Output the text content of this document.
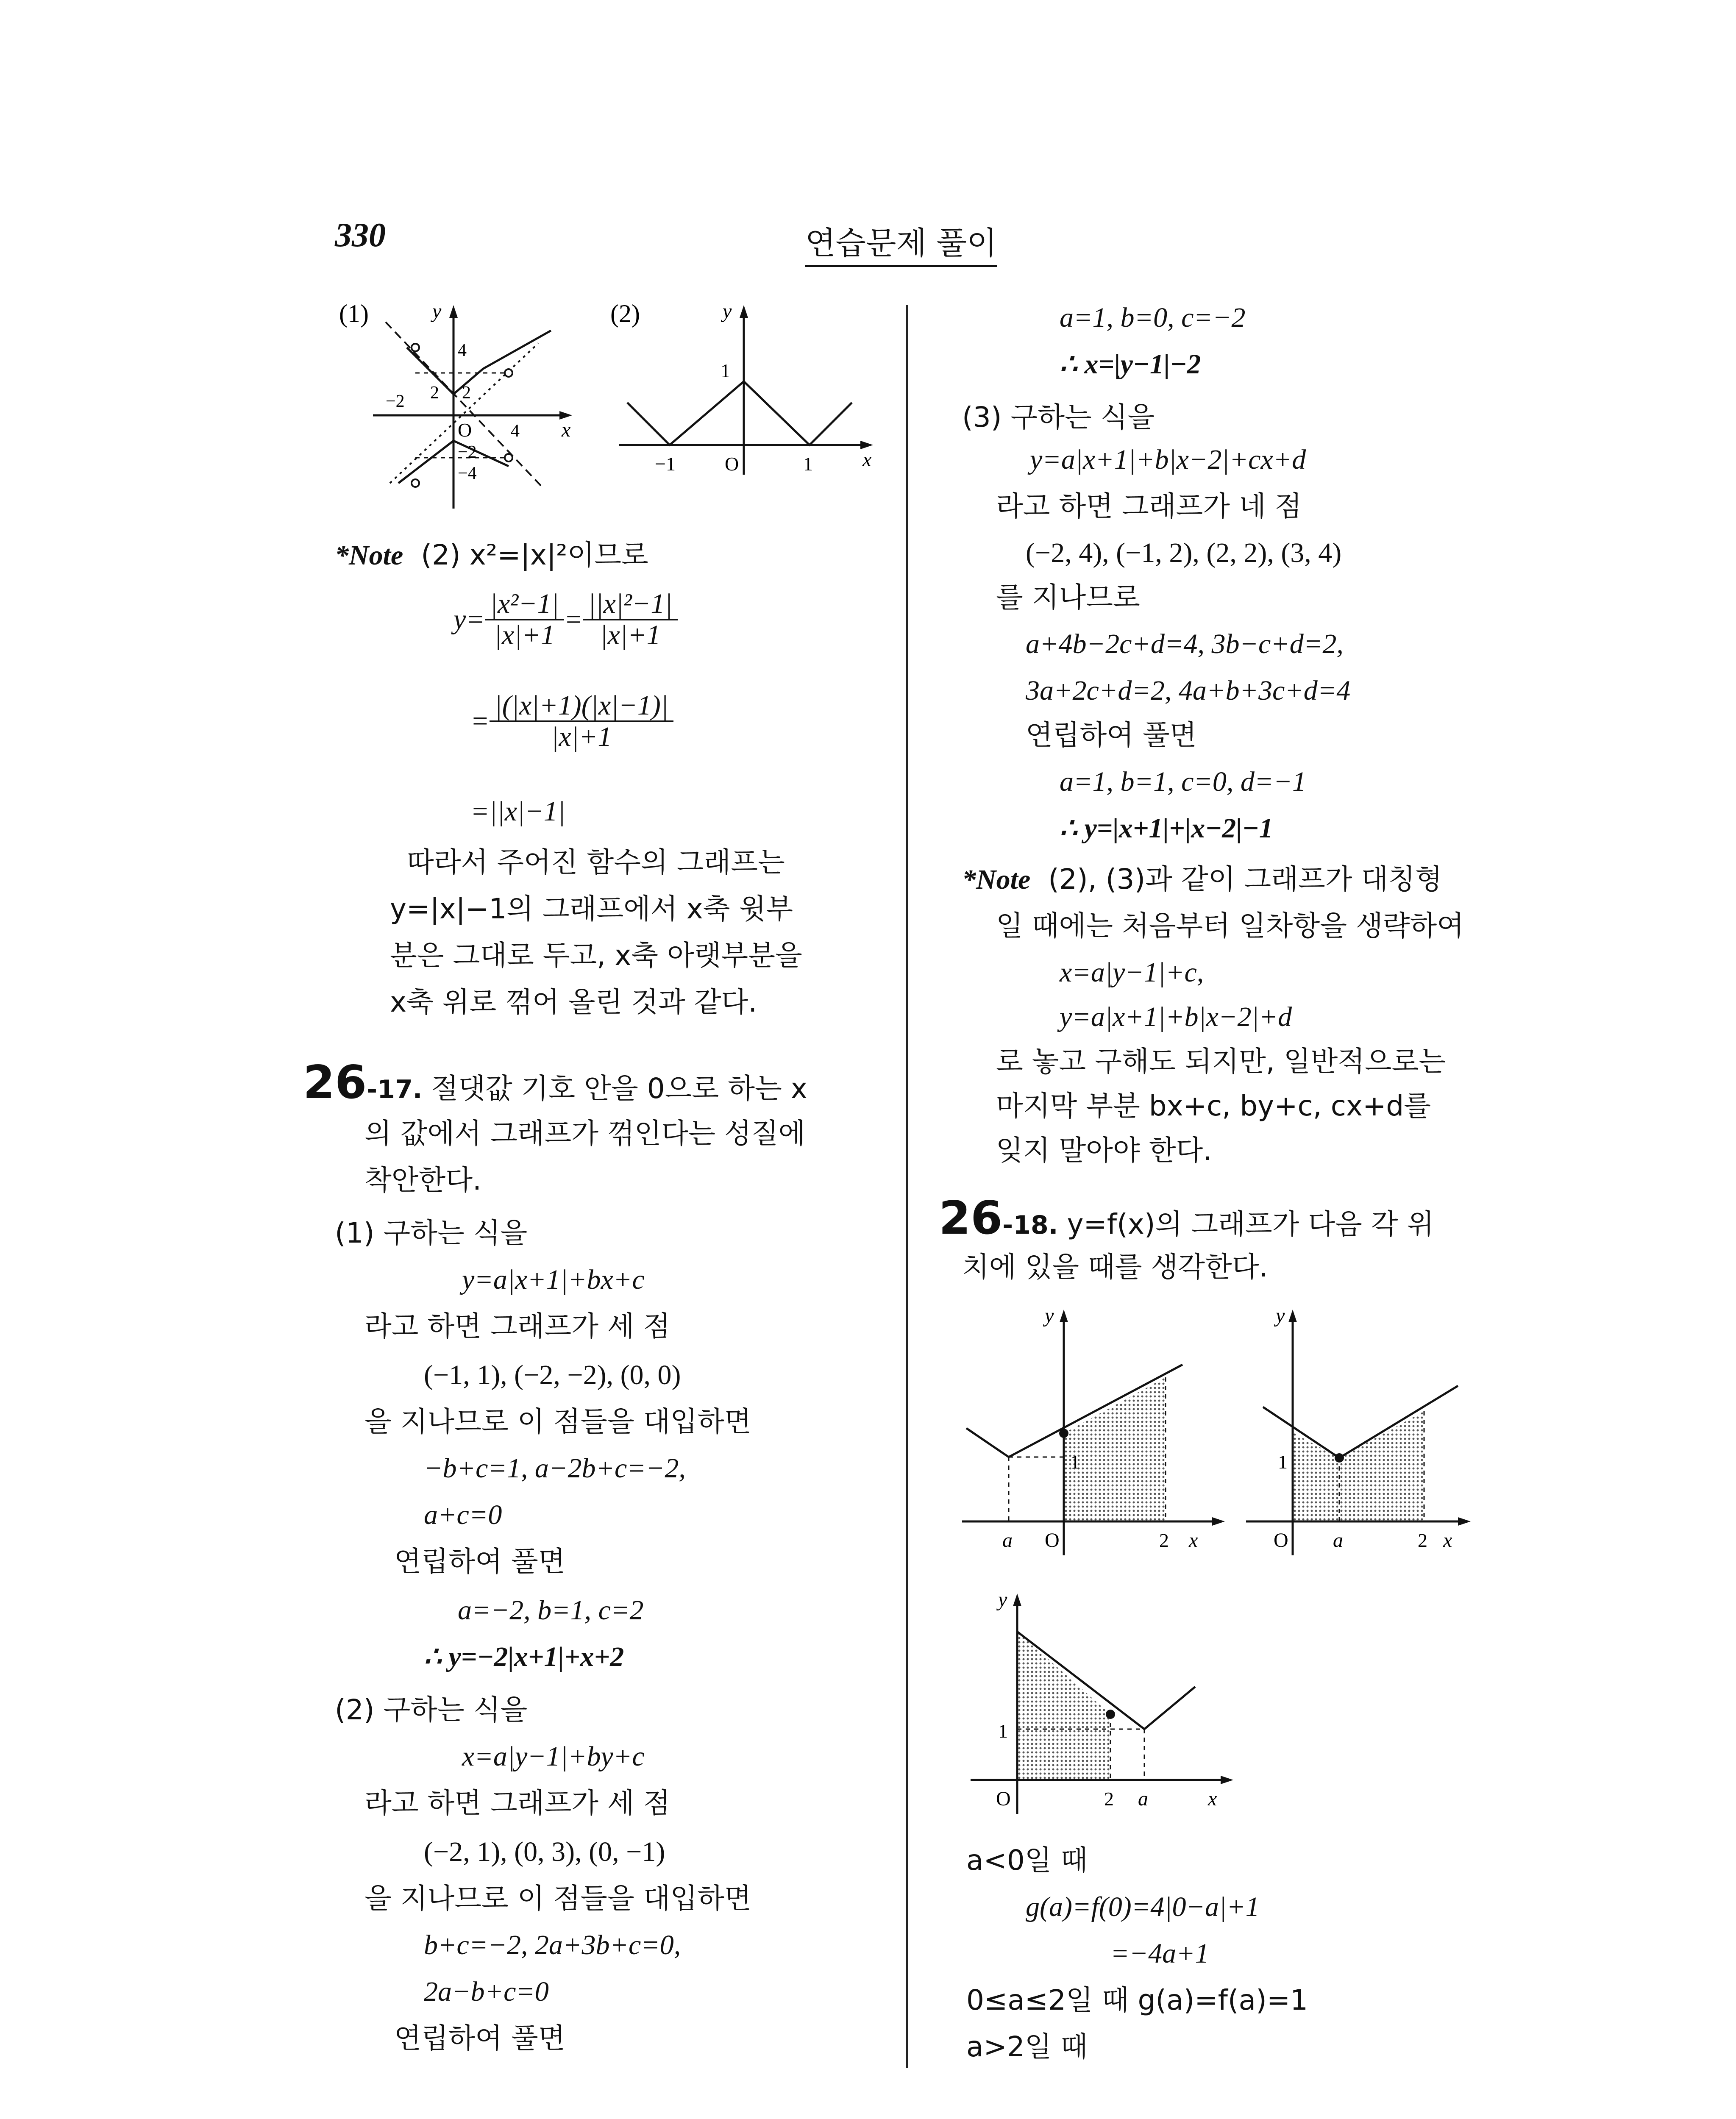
330	연습문제 풀이
(1)	y
x
O
4
−2 2 2
−2
4
−4
(2)	y
x
O
1
−1	1
*Note (2) x²=|x|²이므로
$y= \frac{\text{|x²−1|}}{|x|+1} = \frac{\text{||x|²−1|}}{|x|+1}$
= $\frac{|(|x|+1)(|x|-1)|}{|x|+1}$
=||x|−1|
따라서 주어진 함수의 그래프는
y=|x|−1의 그래프에서 x축 윗부
분은 그대로 두고, x축 아랫부분을
x축 위로 꺾어 올린 것과 같다.
26-17. 절댓값 기호 안을 0으로 하는 x
의 값에서 그래프가 꺾인다는 성질에
착안한다.
(1) 구하는 식을
y=a|x+1|+bx+c
라고 하면 그래프가 세 점
(−1, 1), (−2, −2), (0, 0)
을 지나므로 이 점들을 대입하면
−b+c=1, a−2b+c=−2,
a+c=0
연립하여 풀면
a=−2, b=1, c=2
∴ y=−2|x+1|+x+2
(2) 구하는 식을
x=a|y−1|+by+c
라고 하면 그래프가 세 점
(−2, 1), (0, 3), (0, −1)
을 지나므로 이 점들을 대입하면
b+c=−2, 2a+3b+c=0,
2a−b+c=0
연립하여 풀면
a=1, b=0, c=−2
∴ x=|y−1|−2
(3) 구하는 식을
y=a|x+1|+b|x−2|+cx+d
라고 하면 그래프가 네 점
(−2, 4), (−1, 2), (2, 2), (3, 4)
를 지나므로
a+4b−2c+d=4, 3b−c+d=2,
3a+2c+d=2, 4a+b+3c+d=4
연립하여 풀면
a=1, b=1, c=0, d=−1
∴ y=|x+1|+|x−2|−1
*Note (2), (3)과 같이 그래프가 대칭형
일 때에는 처음부터 일차항을 생략하여
x=a|y−1|+c,
y=a|x+1|+b|x−2|+d
로 놓고 구해도 되지만, 일반적으로는
마지막 부분 bx+c, by+c, cx+d를
잊지 말아야 한다.
26-18. y=f(x)의 그래프가 다음 각 위
치에 있을 때를 생각한다.
y
1
a O	2 x
y
1
O a	2 x
y
1
O	2 a	x
a<0일 때
g(a)=f(0)=4|0−a|+1
=−4a+1
0≤a≤2일 때 g(a)=f(a)=1
a>2일 때
